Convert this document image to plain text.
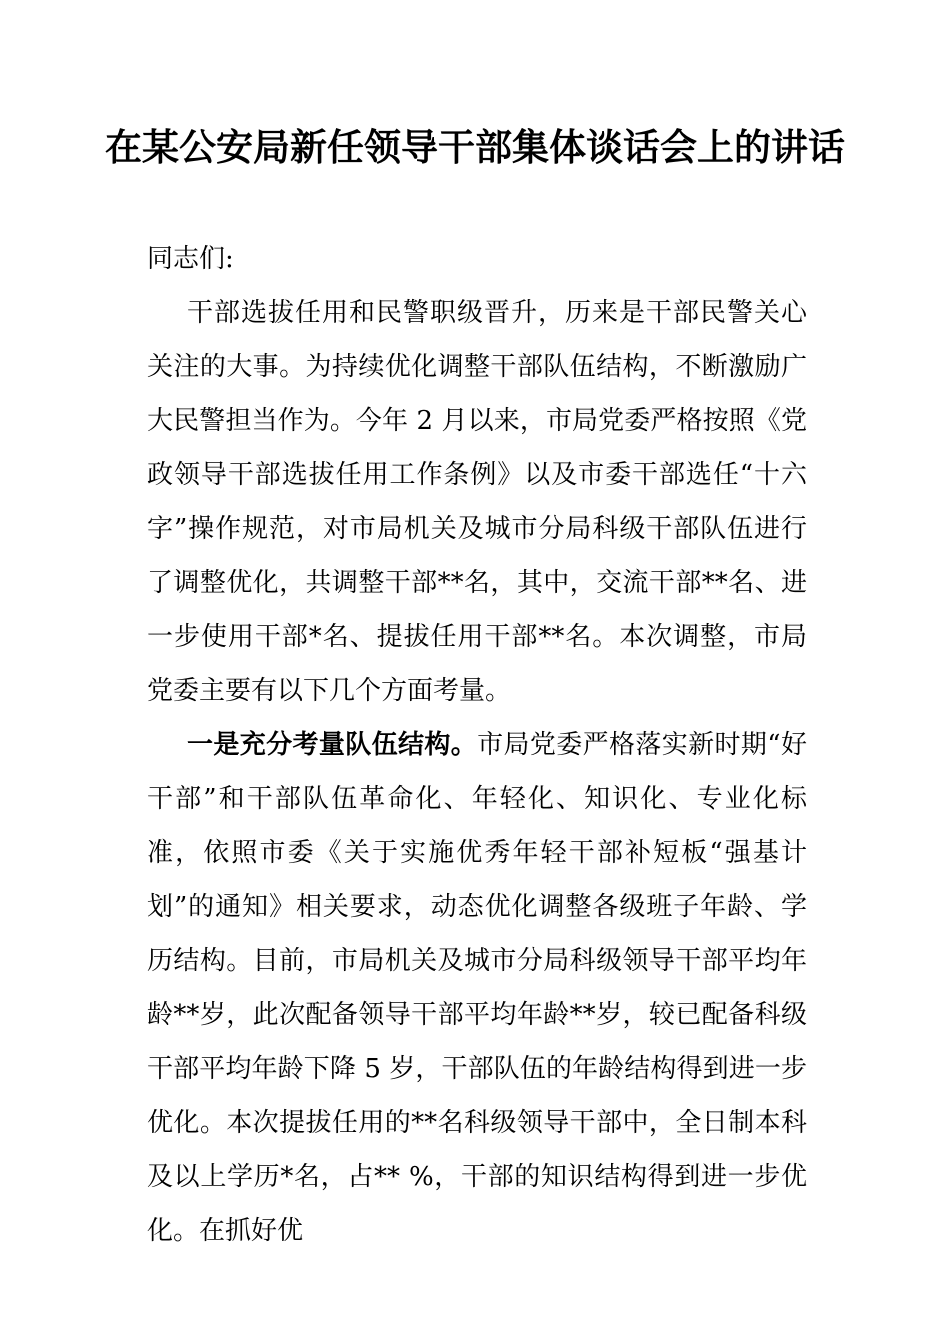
在某公安局新任领导干部集体谈话会上的讲话

同志们:

干部选拔任用和民警职级晋升，历来是干部民警关心关注的大事。为持续优化调整干部队伍结构，不断激励广大民警担当作为。今年 2 月以来，市局党委严格按照《党政领导干部选拔任用工作条例》以及市委干部选任“十六字”操作规范，对市局机关及城市分局科级干部队伍进行了调整优化，共调整干部**名，其中，交流干部**名、进一步使用干部*名、提拔任用干部**名。本次调整，市局党委主要有以下几个方面考量。

一是充分考量队伍结构。市局党委严格落实新时期“好干部”和干部队伍革命化、年轻化、知识化、专业化标准，依照市委《关于实施优秀年轻干部补短板“强基计划”的通知》相关要求，动态优化调整各级班子年龄、学历结构。目前，市局机关及城市分局科级领导干部平均年龄**岁，此次配备领导干部平均年龄**岁，较已配备科级干部平均年龄下降 5 岁，干部队伍的年龄结构得到进一步优化。本次提拔任用的**名科级领导干部中，全日制本科及以上学历*名，占** %，干部的知识结构得到进一步优化。在抓好优
